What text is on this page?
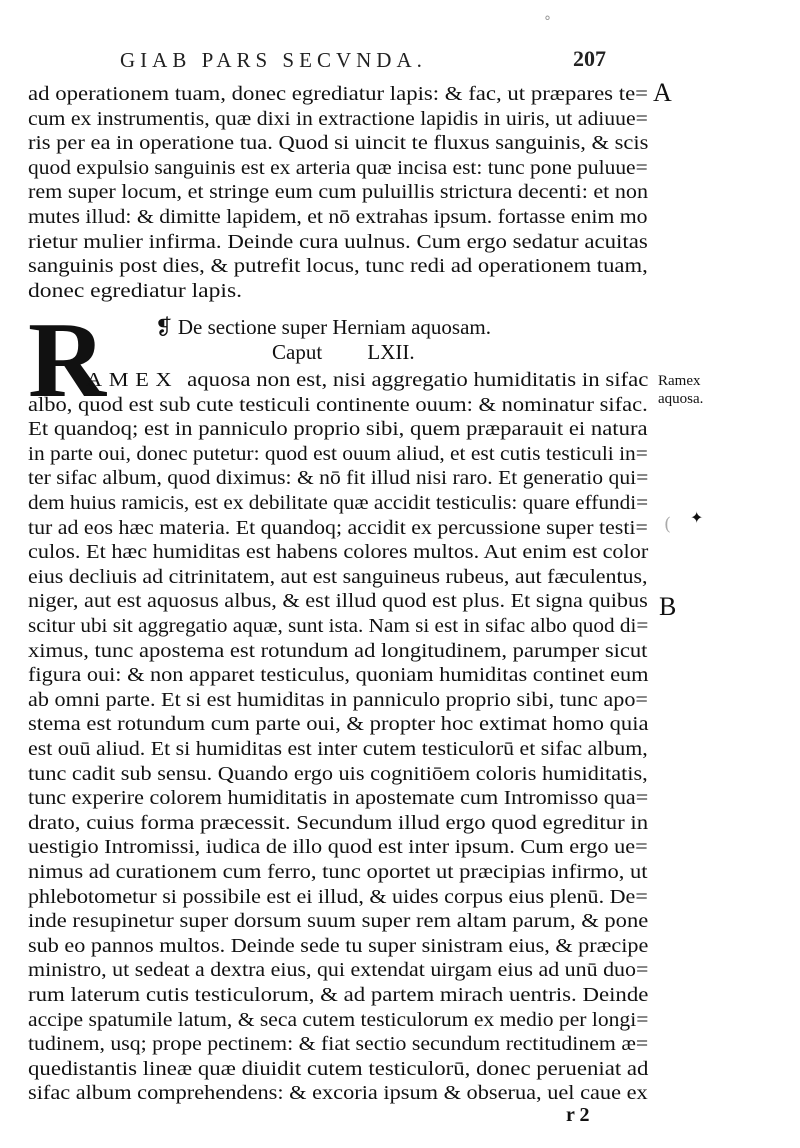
°
GIAB PARS SECVNDA.	207
A
B
Ramex
aquosa.
( ✦
ad operationem tuam, donec egrediatur lapis: & fac, ut præpares te=
cum ex instrumentis, quæ dixi in extractione lapidis in uiris, ut adiuue=
ris per ea in operatione tua. Quod si uincit te fluxus sanguinis, & scis
quod expulsio sanguinis est ex arteria quæ incisa est: tunc pone puluue=
rem super locum, et stringe eum cum puluillis strictura decenti: et non
mutes illud: & dimitte lapidem, et nō extrahas ipsum. fortasse enim mo
rietur mulier infirma. Deinde cura uulnus. Cum ergo sedatur acuitas
sanguinis post dies, & putrefit locus, tunc redi ad operationem tuam,
donec egrediatur lapis.
R ❡ De sectione super Herniam aquosam.
Caput LXII.
AMEX aquosa non est, nisi aggregatio humiditatis in sifac
albo, quod est sub cute testiculi continente ouum: & nominatur sifac.
Et quandoq; est in panniculo proprio sibi, quem præparauit ei natura
in parte oui, donec putetur: quod est ouum aliud, et est cutis testiculi in=
ter sifac album, quod diximus: & nō fit illud nisi raro. Et generatio qui=
dem huius ramicis, est ex debilitate quæ accidit testiculis: quare effundi=
tur ad eos hæc materia. Et quandoq; accidit ex percussione super testi=
culos. Et hæc humiditas est habens colores multos. Aut enim est color
eius decliuis ad citrinitatem, aut est sanguineus rubeus, aut fæculentus,
niger, aut est aquosus albus, & est illud quod est plus. Et signa quibus
scitur ubi sit aggregatio aquæ, sunt ista. Nam si est in sifac albo quod di=
ximus, tunc apostema est rotundum ad longitudinem, parumper sicut
figura oui: & non apparet testiculus, quoniam humiditas continet eum
ab omni parte. Et si est humiditas in panniculo proprio sibi, tunc apo=
stema est rotundum cum parte oui, & propter hoc extimat homo quia
est ouū aliud. Et si humiditas est inter cutem testiculorū et sifac album,
tunc cadit sub sensu. Quando ergo uis cognitiōem coloris humiditatis,
tunc experire colorem humiditatis in apostemate cum Intromisso qua=
drato, cuius forma præcessit. Secundum illud ergo quod egreditur in
uestigio Intromissi, iudica de illo quod est inter ipsum. Cum ergo ue=
nimus ad curationem cum ferro, tunc oportet ut præcipias infirmo, ut
phlebotometur si possibile est ei illud, & uides corpus eius plenū. De=
inde resupinetur super dorsum suum super rem altam parum, & pone
sub eo pannos multos. Deinde sede tu super sinistram eius, & præcipe
ministro, ut sedeat a dextra eius, qui extendat uirgam eius ad unū duo=
rum laterum cutis testiculorum, & ad partem mirach uentris. Deinde
accipe spatumile latum, & seca cutem testiculorum ex medio per longi=
tudinem, usq; prope pectinem: & fiat sectio secundum rectitudinem æ=
quedistantis lineæ quæ diuidit cutem testiculorū, donec perueniat ad
sifac album comprehendens: & excoria ipsum & obserua, uel caue ex
r 2
